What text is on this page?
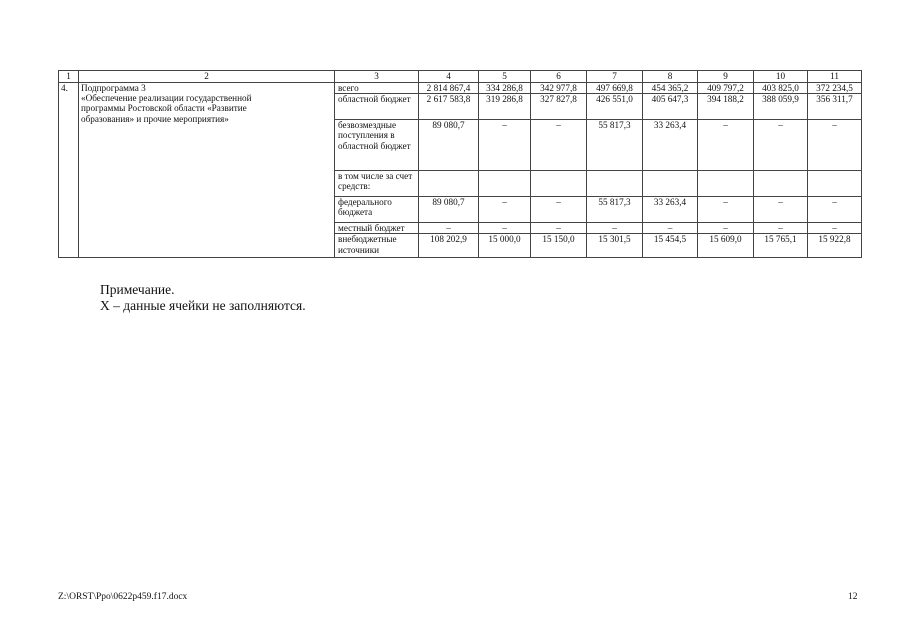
1	2	3	4	5	6	7	8	9	10	11
4.	Подпрограмма 3
«Обеспечение реализации государственной
программы Ростовской области «Развитие
образования» и прочие мероприятия»	всего	2 814 867,4	334 286,8	342 977,8	497 669,8	454 365,2	409 797,2	403 825,0	372 234,5
		областной бюджет	2 617 583,8	319 286,8	327 827,8	426 551,0	405 647,3	394 188,2	388 059,9	356 311,7
		безвозмездные поступления в областной бюджет	89 080,7	–	–	55 817,3	33 263,4	–	–	–
		в том числе за счет средств:								
		федерального бюджета	89 080,7	–	–	55 817,3	33 263,4	–	–	–
		местный бюджет	–	–	–	–	–	–	–	–
		внебюджетные источники	108 202,9	15 000,0	15 150,0	15 301,5	15 454,5	15 609,0	15 765,1	15 922,8

Примечание.

Х – данные ячейки не заполняются.

Z:\ORST\Ppo\0622p459.f17.docx	12
